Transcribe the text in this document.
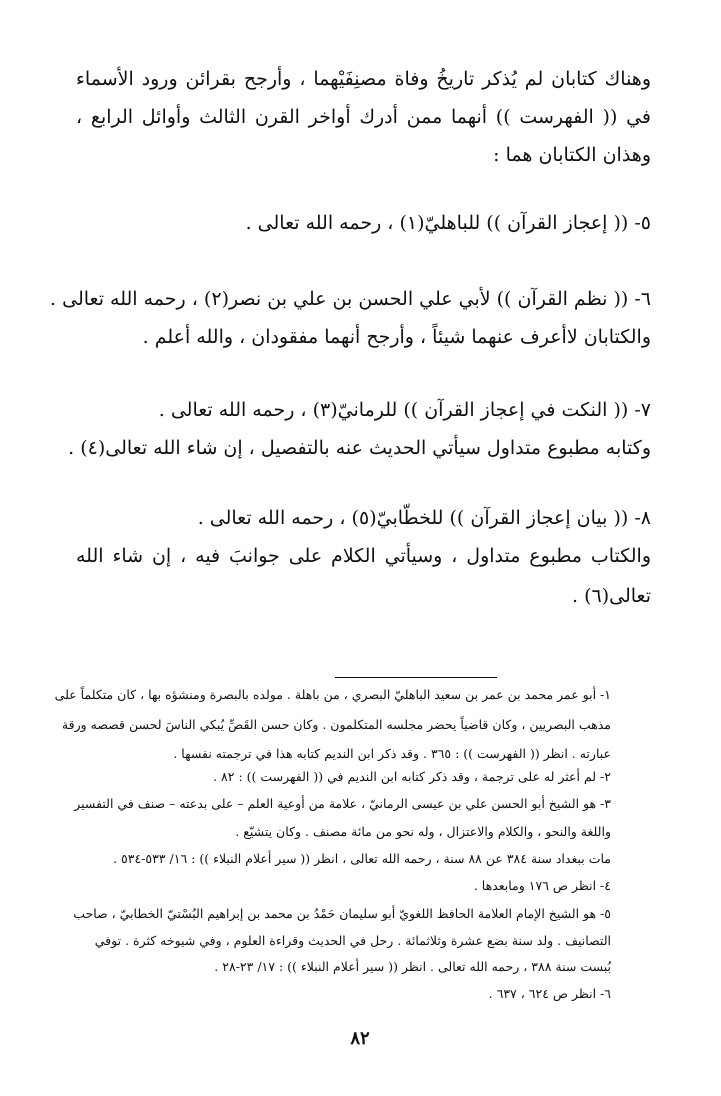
وهناك كتابان لم يُذكر تاريخُ وفاة مصنِفَيْهما ، وأرجح بقرائن ورود الأسماء في (( الفهرست )) أنهما ممن أدرك أواخر القرن الثالث وأوائل الرابع ، وهذان الكتابان هما :

٥- (( إعجاز القرآن )) للباهليّ(١) ، رحمه الله تعالى .

٦- (( نظم القرآن )) لأبي علي الحسن بن علي بن نصر(٢) ، رحمه الله تعالى .

والكتابان لاأعرف عنهما شيئاً ، وأرجح أنهما مفقودان ، والله أعلم .

٧- (( النكت في إعجاز القرآن )) للرمانيّ(٣) ، رحمه الله تعالى .

وكتابه مطبوع متداول سيأتي الحديث عنه بالتفصيل ، إن شاء الله تعالى(٤) .

٨- (( بيان إعجاز القرآن )) للخطّابيّ(٥) ، رحمه الله تعالى .

والكتاب مطبوع متداول ، وسيأتي الكلام على جوانبَ فيه ، إن شاء الله تعالى(٦) .

١- أبو عمر محمد بن عمر بن سعيد الباهليّ البصري ، من باهلة . مولده بالبصرة ومنشؤه بها ، كان متكلماً على

مذهب البصريين ، وكان قاضياً يحضر مجلسه المتكلمون . وكان حسن القَصِّ يُبكي الناسَ لحسن قصصه ورقة

عبارته . انظر (( الفهرست )) : ٣٦٥ . وقد ذكر ابن النديم كتابه هذا في ترجمته نفسها .

٢- لم أعثر له على ترجمة ، وقد ذكر كتابه ابن النديم في (( الفهرست )) : ٨٢ .

٣- هو الشيخ أبو الحسن علي بن عيسى الرمانيّ ، علامة من أوعية العلم – على بدعته – صنف في التفسير

واللغة والنحو ، والكلام والاعتزال ، وله نحو من مائة مصنف . وكان يتشيّع .

مات ببغداد سنة ٣٨٤ عن ٨٨ سنة ، رحمه الله تعالى ، انظر (( سير أعلام النبلاء )) : ١٦/ ٥٣٣-٥٣٤ .

٤- انظر ص ١٧٦ ومابعدها .

٥- هو الشيخ الإمام العلامة الحافظ اللغويّ أبو سليمان حَمْدُ بن محمد بن إبراهيم البُسْتيّ الخطابيّ ، صاحب

التصانيف . ولد سنة بضع عشرة وثلاثمائة . رحل في الحديث وقراءة العلوم ، وفي شيوخه كثرة . توفي

بُبست سنة ٣٨٨ ، رحمه الله تعالى . انظر (( سير أعلام النبلاء )) : ١٧/ ٢٣-٢٨ .

٦- انظر ص ٦٢٤ ، ٦٣٧ .

٨٢
